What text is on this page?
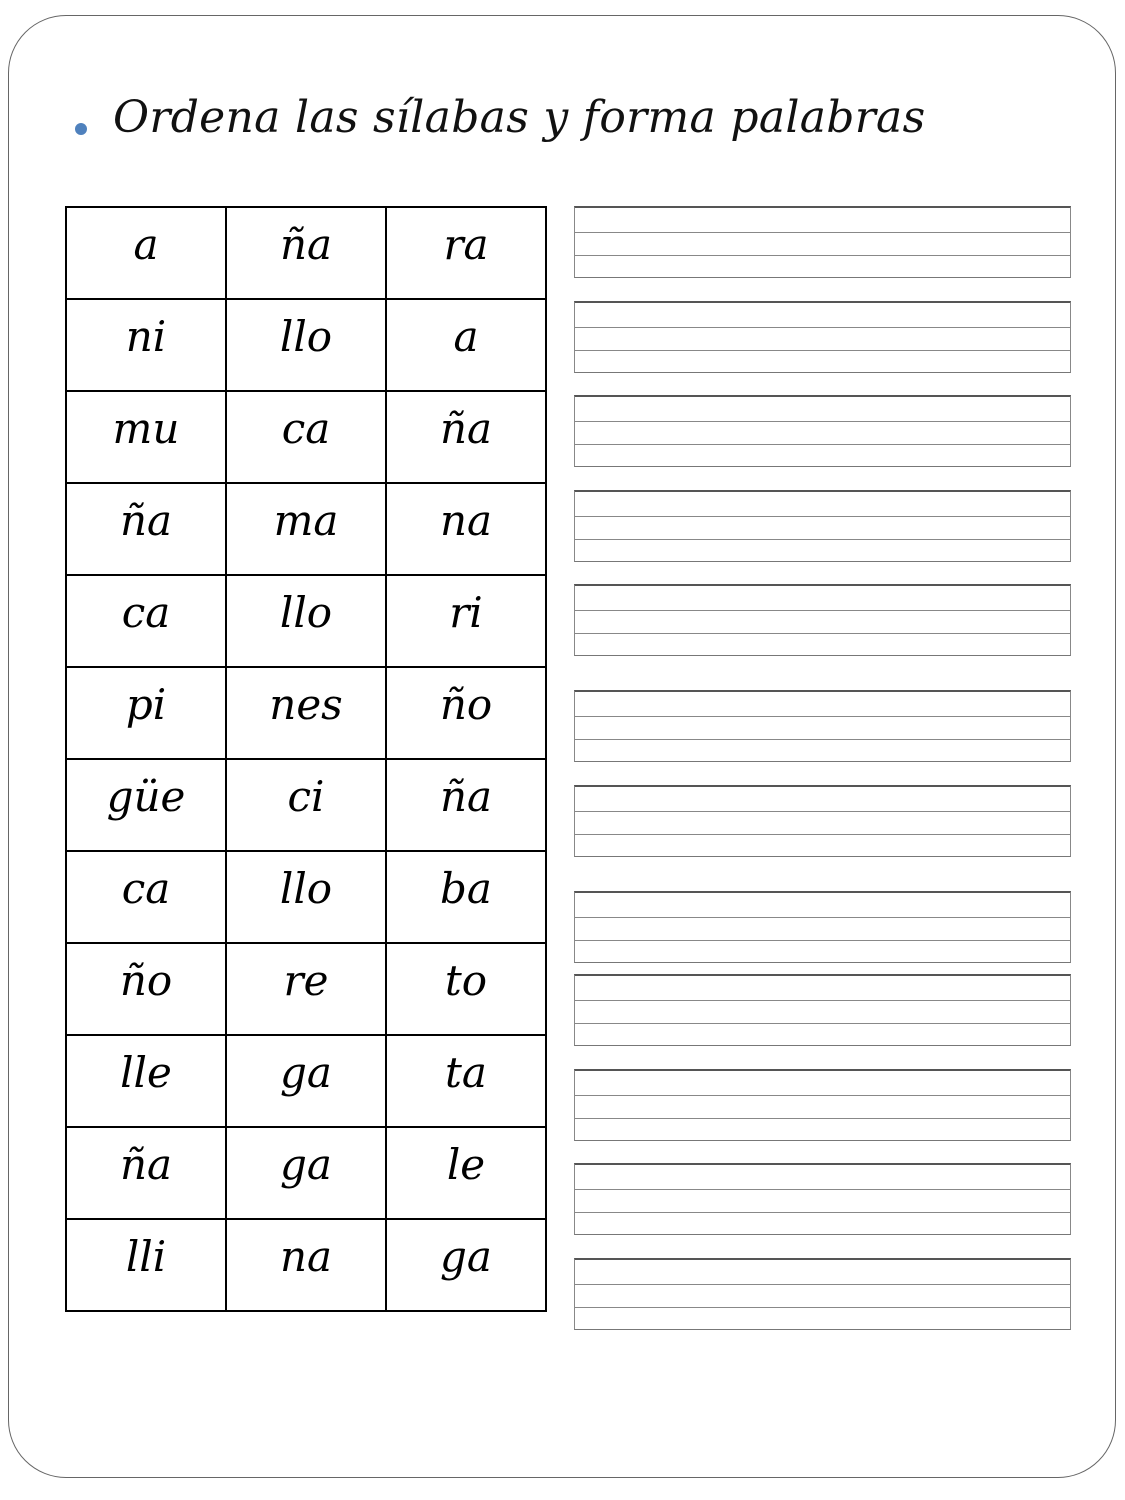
Ordena las sílabas y forma palabras
a	ña	ra
ni	llo	a
mu	ca	ña
ña	ma	na
ca	llo	ri
pi	nes	ño
güe	ci	ña
ca	llo	ba
ño	re	to
lle	ga	ta
ña	ga	le
lli	na	ga
